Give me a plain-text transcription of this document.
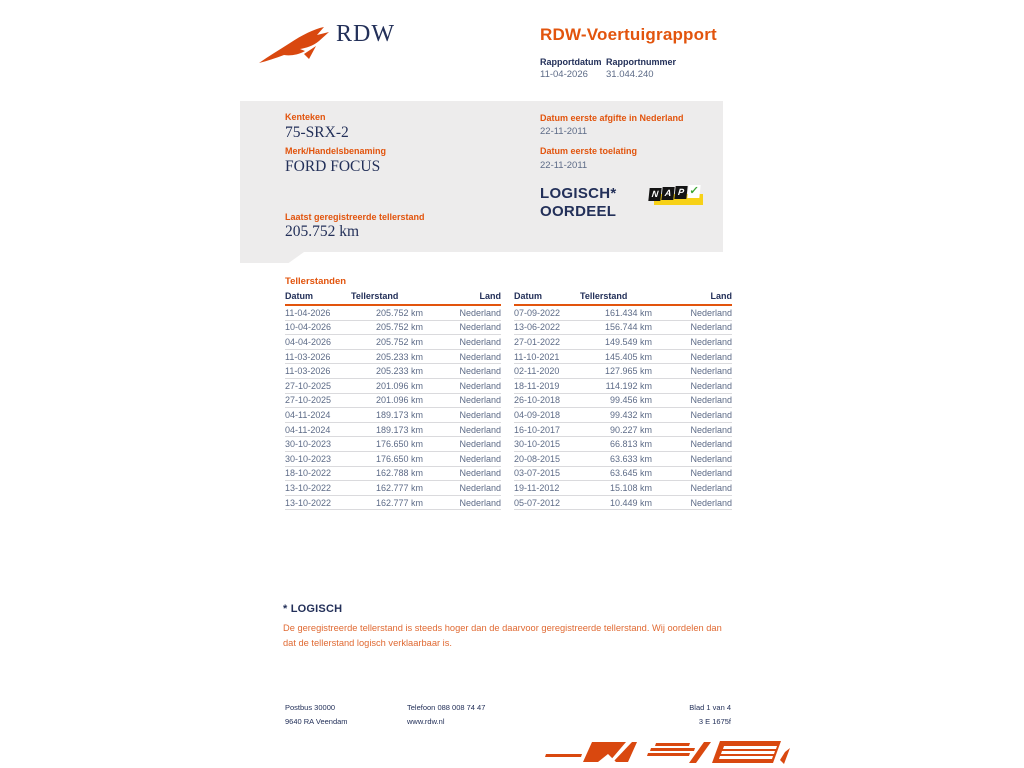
RDW	RDW-Voertuigrapport
Rapportdatum
11-04-2026
Rapportnummer
31.044.240
Kenteken
75-SRX-2
Merk/Handelsbenaming
FORD FOCUS
Laatst geregistreerde tellerstand
205.752 km
Datum eerste afgifte in Nederland
22-11-2011
Datum eerste toelating
22-11-2011
LOGISCH*
OORDEEL
N A P ✓
Tellerstanden
Datum	Tellerstand	Land
11-04-2026	205.752 km	Nederland
10-04-2026	205.752 km	Nederland
04-04-2026	205.752 km	Nederland
11-03-2026	205.233 km	Nederland
11-03-2026	205.233 km	Nederland
27-10-2025	201.096 km	Nederland
27-10-2025	201.096 km	Nederland
04-11-2024	189.173 km	Nederland
04-11-2024	189.173 km	Nederland
30-10-2023	176.650 km	Nederland
30-10-2023	176.650 km	Nederland
18-10-2022	162.788 km	Nederland
13-10-2022	162.777 km	Nederland
13-10-2022	162.777 km	Nederland
Datum	Tellerstand	Land
07-09-2022	161.434 km	Nederland
13-06-2022	156.744 km	Nederland
27-01-2022	149.549 km	Nederland
11-10-2021	145.405 km	Nederland
02-11-2020	127.965 km	Nederland
18-11-2019	114.192 km	Nederland
26-10-2018	99.456 km	Nederland
04-09-2018	99.432 km	Nederland
16-10-2017	90.227 km	Nederland
30-10-2015	66.813 km	Nederland
20-08-2015	63.633 km	Nederland
03-07-2015	63.645 km	Nederland
19-11-2012	15.108 km	Nederland
05-07-2012	10.449 km	Nederland
* LOGISCH
De geregistreerde tellerstand is steeds hoger dan de daarvoor geregistreerde tellerstand. Wij oordelen dan dat de tellerstand logisch verklaarbaar is.
Postbus 30000
9640 RA Veendam
Telefoon 088 008 74 47
www.rdw.nl
Blad 1 van 4
3 E 1675f
